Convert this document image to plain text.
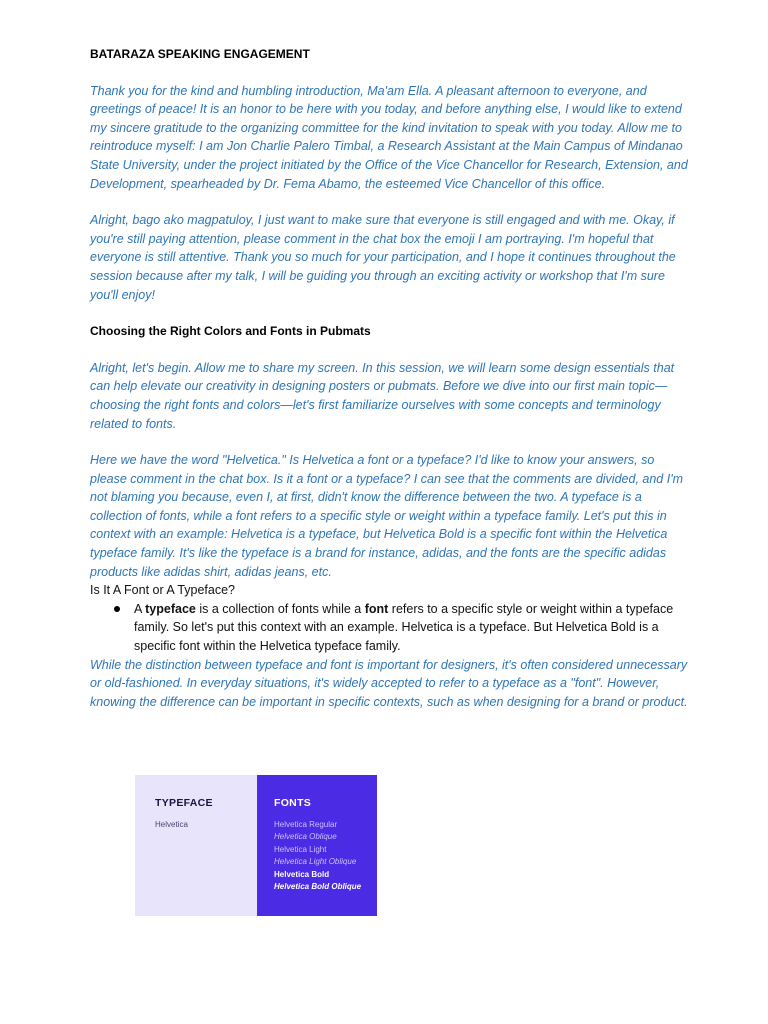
BATARAZA SPEAKING ENGAGEMENT

Thank you for the kind and humbling introduction, Ma'am Ella. A pleasant afternoon to everyone, and greetings of peace! It is an honor to be here with you today, and before anything else, I would like to extend my sincere gratitude to the organizing committee for the kind invitation to speak with you today. Allow me to reintroduce myself: I am Jon Charlie Palero Timbal, a Research Assistant at the Main Campus of Mindanao State University, under the project initiated by the Office of the Vice Chancellor for Research, Extension, and Development, spearheaded by Dr. Fema Abamo, the esteemed Vice Chancellor of this office.

Alright, bago ako magpatuloy, I just want to make sure that everyone is still engaged and with me. Okay, if you're still paying attention, please comment in the chat box the emoji I am portraying. I'm hopeful that everyone is still attentive. Thank you so much for your participation, and I hope it continues throughout the session because after my talk, I will be guiding you through an exciting activity or workshop that I'm sure you'll enjoy!

Choosing the Right Colors and Fonts in Pubmats

Alright, let's begin. Allow me to share my screen. In this session, we will learn some design essentials that can help elevate our creativity in designing posters or pubmats. Before we dive into our first main topic—choosing the right fonts and colors—let's first familiarize ourselves with some concepts and terminology related to fonts.

Here we have the word "Helvetica." Is Helvetica a font or a typeface? I'd like to know your answers, so please comment in the chat box. Is it a font or a typeface? I can see that the comments are divided, and I'm not blaming you because, even I, at first, didn't know the difference between the two. A typeface is a collection of fonts, while a font refers to a specific style or weight within a typeface family. Let's put this in context with an example: Helvetica is a typeface, but Helvetica Bold is a specific font within the Helvetica typeface family. It's like the typeface is a brand for instance, adidas, and the fonts are the specific adidas products like adidas shirt, adidas jeans, etc.

Is It A Font or A Typeface?

A typeface is a collection of fonts while a font refers to a specific style or weight within a typeface family. So let's put this context with an example. Helvetica is a typeface. But Helvetica Bold is a specific font within the Helvetica typeface family.

While the distinction between typeface and font is important for designers, it's often considered unnecessary or old-fashioned. In everyday situations, it's widely accepted to refer to a typeface as a "font". However, knowing the difference can be important in specific contexts, such as when designing for a brand or product.

TYPEFACE

Helvetica

FONTS

Helvetica Regular

Helvetica Oblique

Helvetica Light

Helvetica Light Oblique

Helvetica Bold

Helvetica Bold Oblique
